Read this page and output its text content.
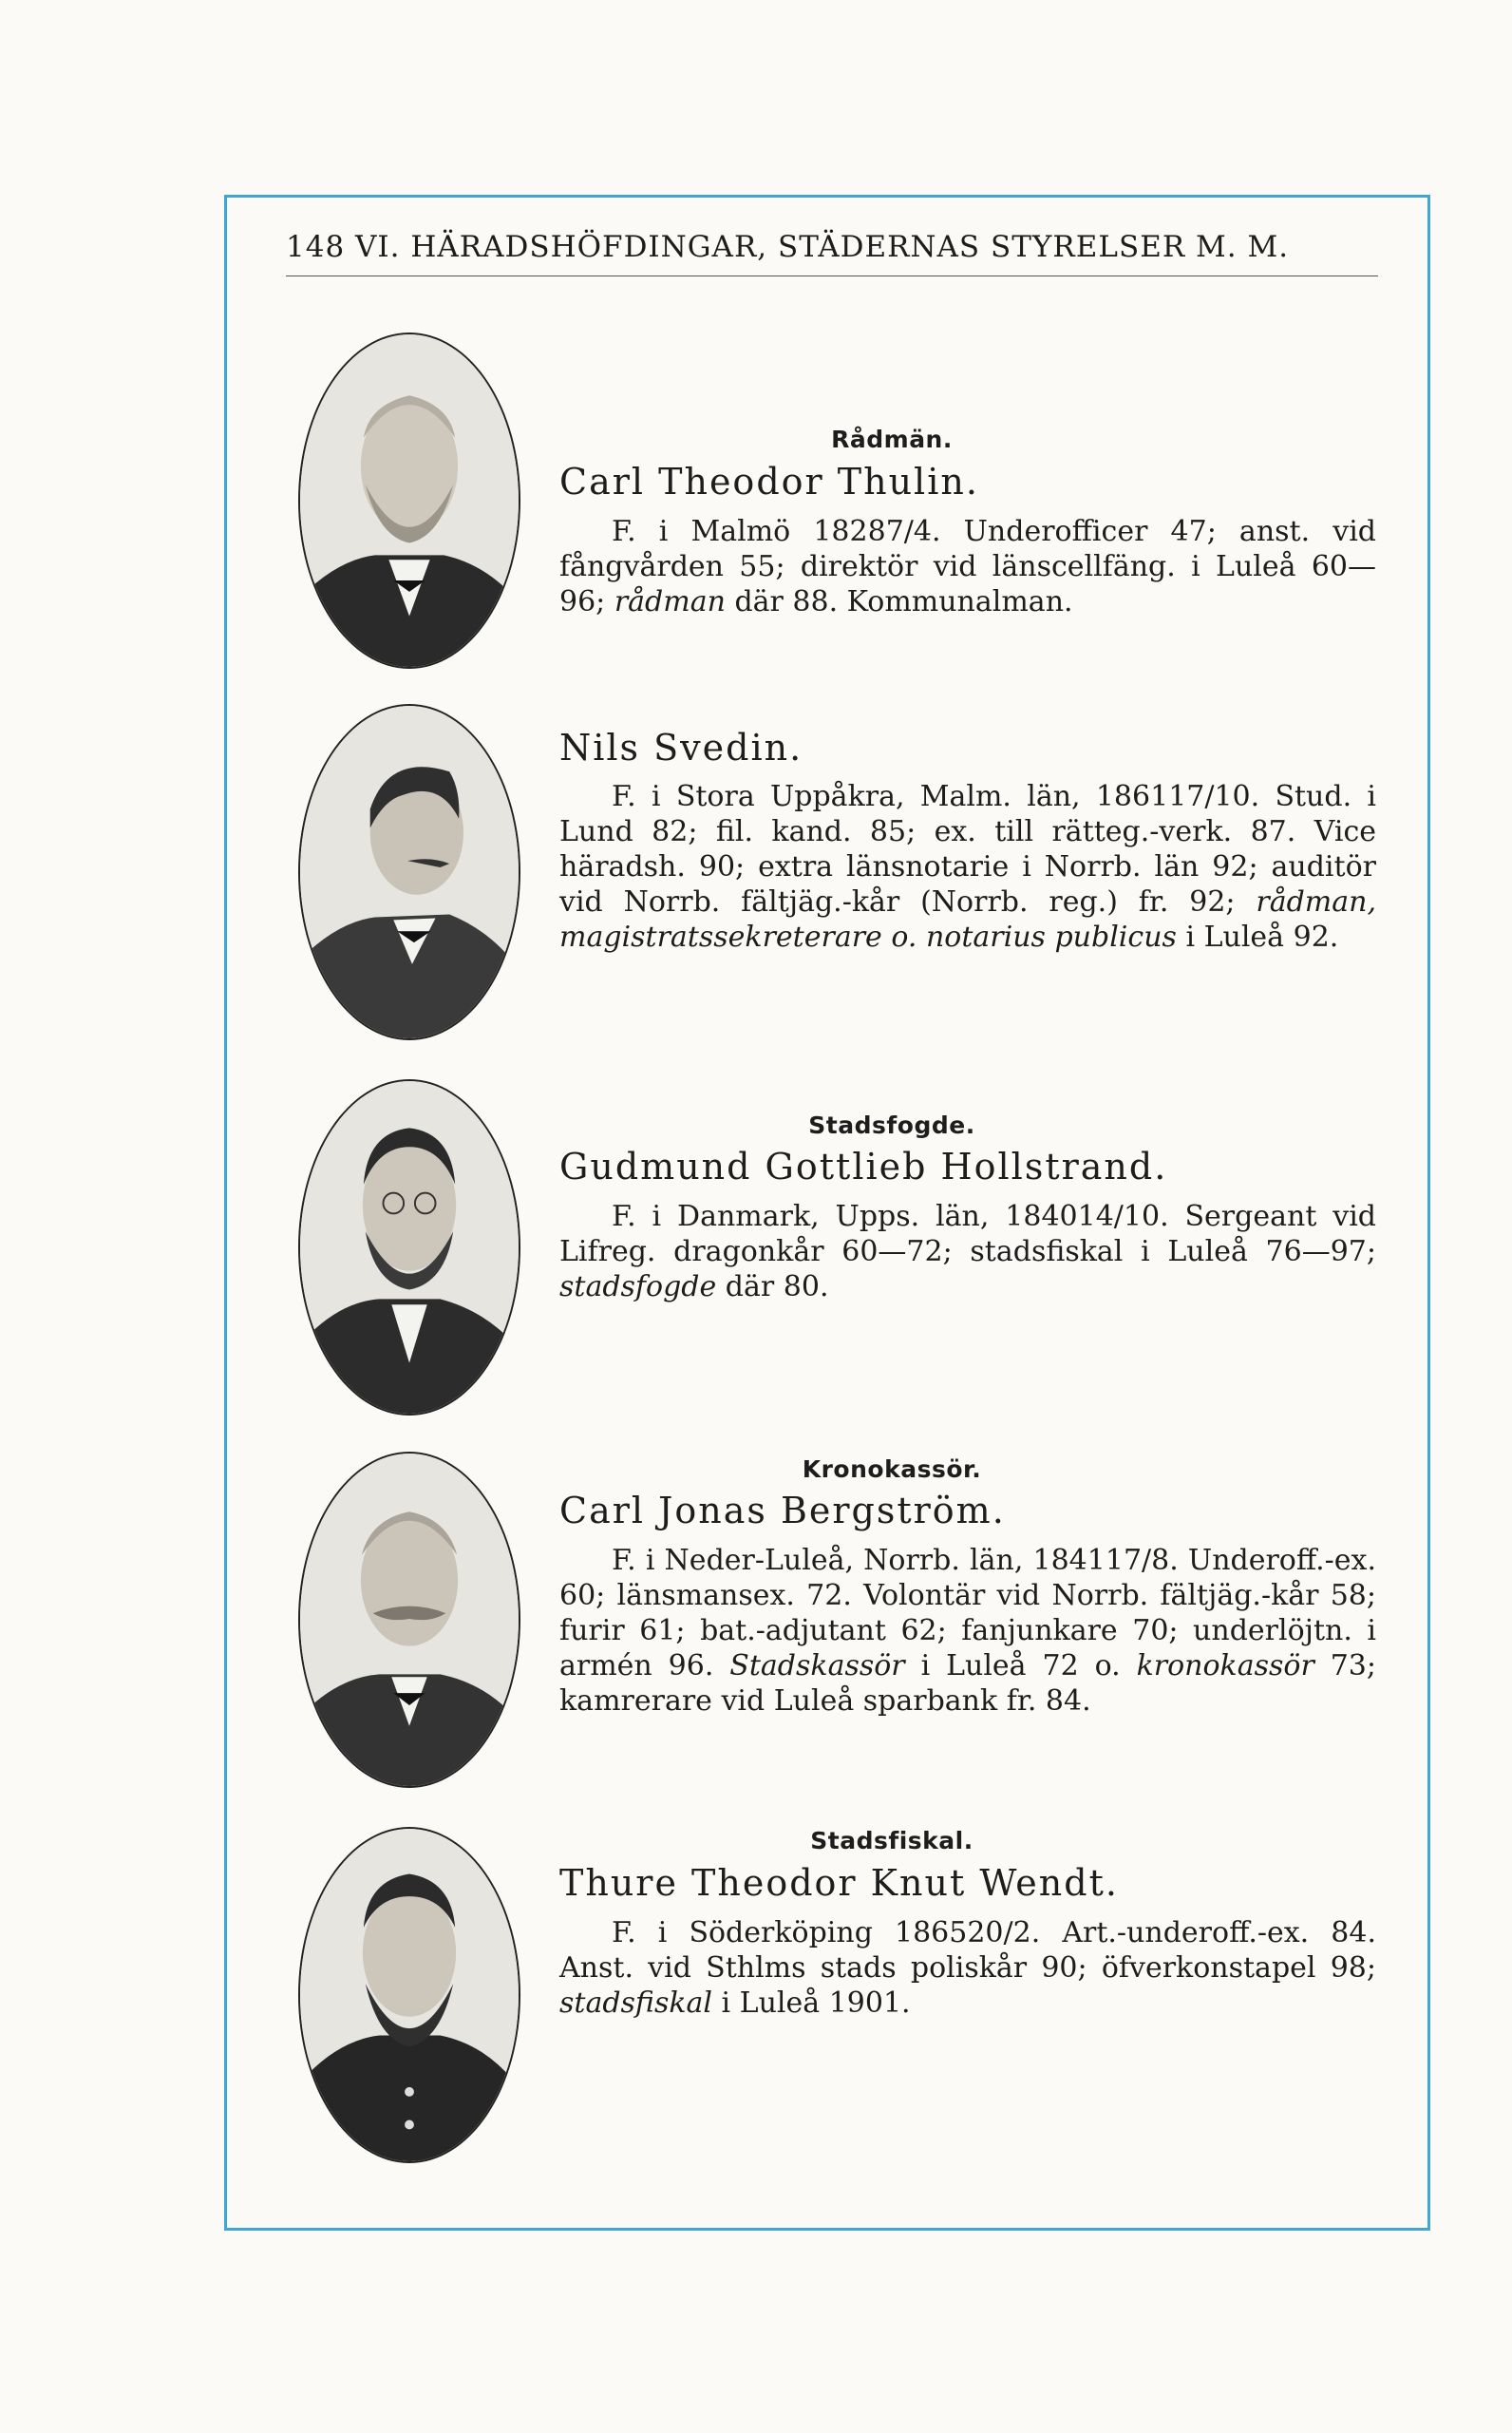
148 VI. HÄRADSHÖFDINGAR, STÄDERNAS STYRELSER M. M.
Rådmän.
Carl Theodor Thulin.
F. i Malmö 18287/4. Underofficer 47; anst. vid fångvården 55; direktör vid länscellfäng. i Luleå 60—96; rådman där 88. Kommunalman.
Nils Svedin.
F. i Stora Uppåkra, Malm. län, 186117/10. Stud. i Lund 82; fil. kand. 85; ex. till rätteg.-verk. 87. Vice häradsh. 90; extra länsnotarie i Norrb. län 92; auditör vid Norrb. fältjäg.-kår (Norrb. reg.) fr. 92; rådman, magistratssekreterare o. notarius publicus i Luleå 92.
Stadsfogde.
Gudmund Gottlieb Hollstrand.
F. i Danmark, Upps. län, 184014/10. Sergeant vid Lifreg. dragonkår 60—72; stadsfiskal i Luleå 76—97; stadsfogde där 80.
Kronokassör.
Carl Jonas Bergström.
F. i Neder-Luleå, Norrb. län, 184117/8. Underoff.-ex. 60; länsmansex. 72. Volontär vid Norrb. fältjäg.-kår 58; furir 61; bat.-adjutant 62; fanjunkare 70; underlöjtn. i armén 96. Stadskassör i Luleå 72 o. kronokassör 73; kamrerare vid Luleå sparbank fr. 84.
Stadsfiskal.
Thure Theodor Knut Wendt.
F. i Söderköping 186520/2. Art.-underoff.-ex. 84. Anst. vid Sthlms stads poliskår 90; öfverkonstapel 98; stadsfiskal i Luleå 1901.
